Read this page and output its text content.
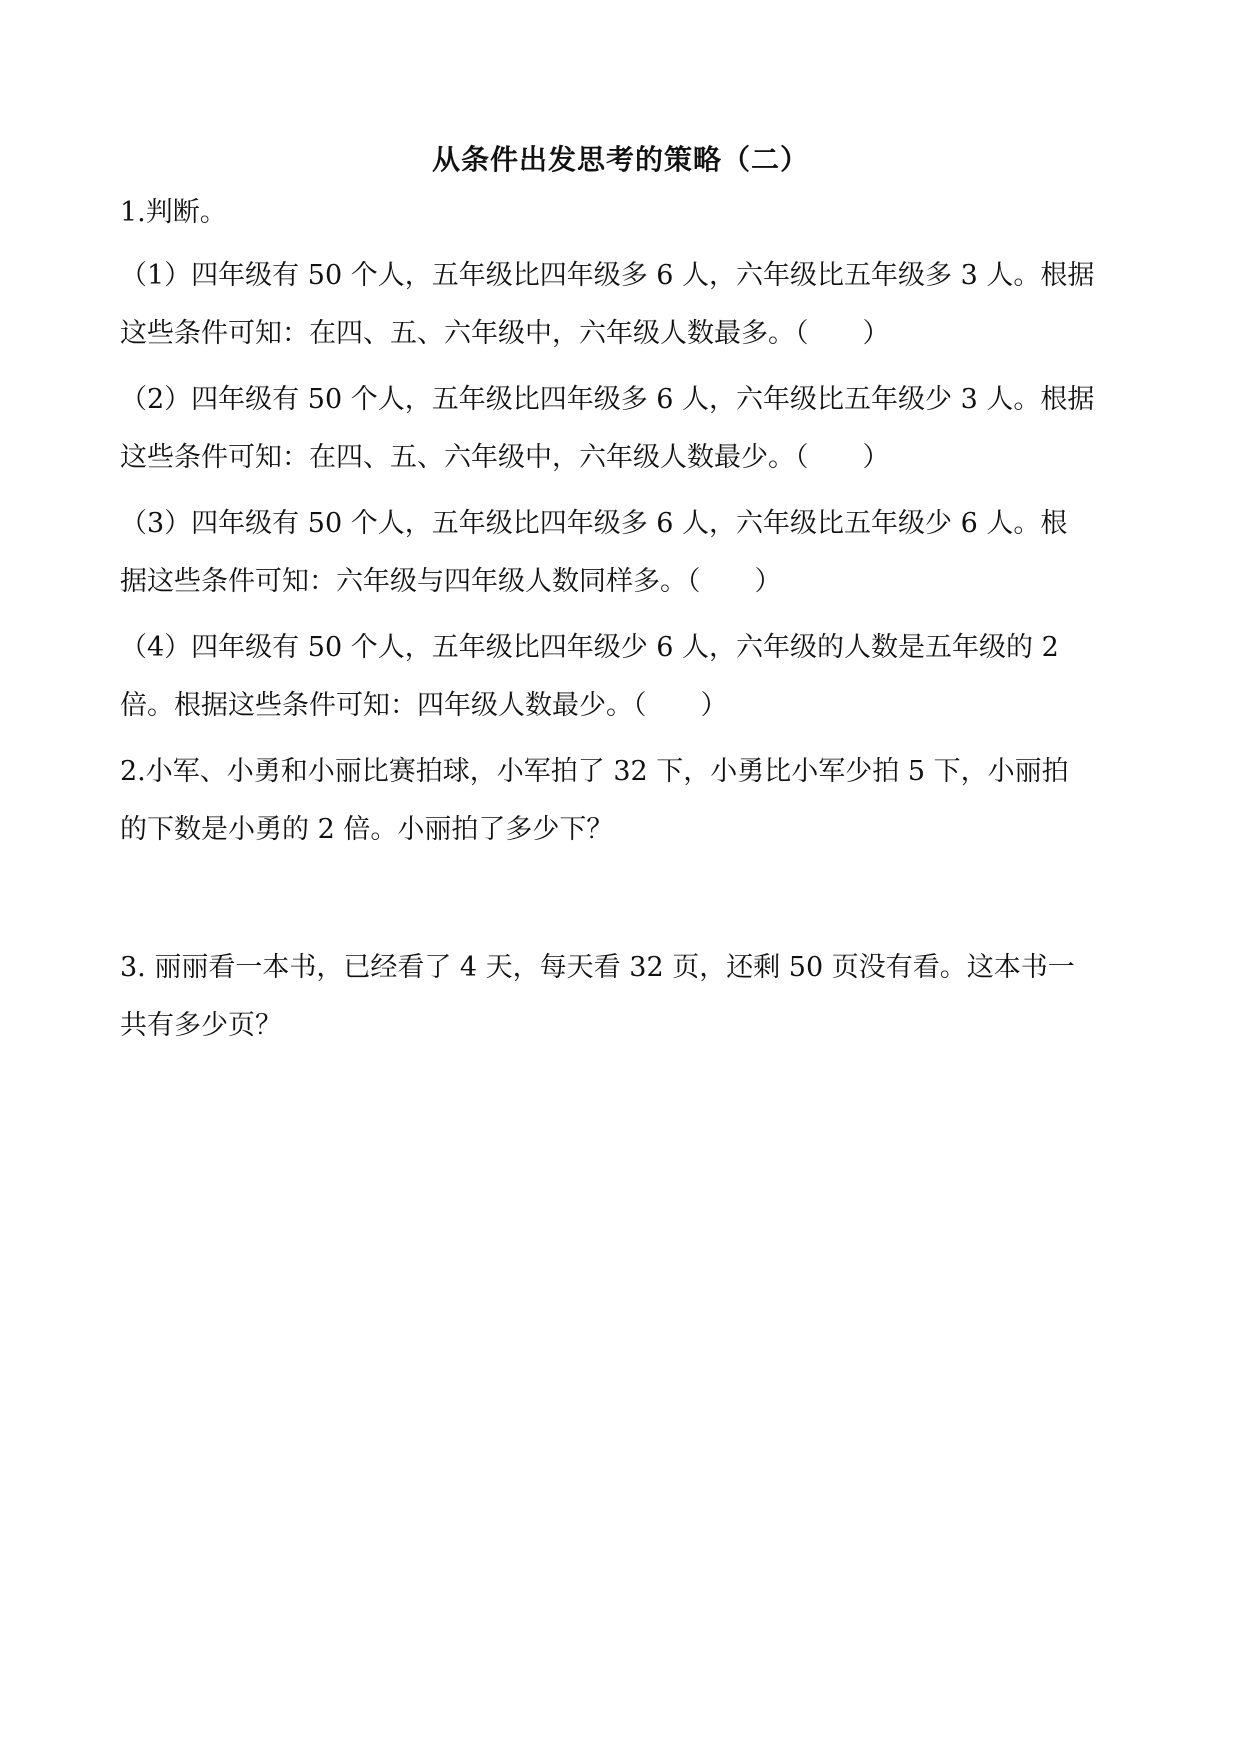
从条件出发思考的策略（二）
1.判断。
（1）四年级有 50 个人，五年级比四年级多 6 人，六年级比五年级多 3 人。根据
这些条件可知：在四、五、六年级中，六年级人数最多。（　　）
（2）四年级有 50 个人，五年级比四年级多 6 人，六年级比五年级少 3 人。根据
这些条件可知：在四、五、六年级中，六年级人数最少。（　　）
（3）四年级有 50 个人，五年级比四年级多 6 人，六年级比五年级少 6 人。根
据这些条件可知：六年级与四年级人数同样多。（　　）
（4）四年级有 50 个人，五年级比四年级少 6 人，六年级的人数是五年级的 2
倍。根据这些条件可知：四年级人数最少。（　　）
2.小军、小勇和小丽比赛拍球，小军拍了 32 下，小勇比小军少拍 5 下，小丽拍
的下数是小勇的 2 倍。小丽拍了多少下？
3. 丽丽看一本书，已经看了 4 天，每天看 32 页，还剩 50 页没有看。这本书一
共有多少页？
